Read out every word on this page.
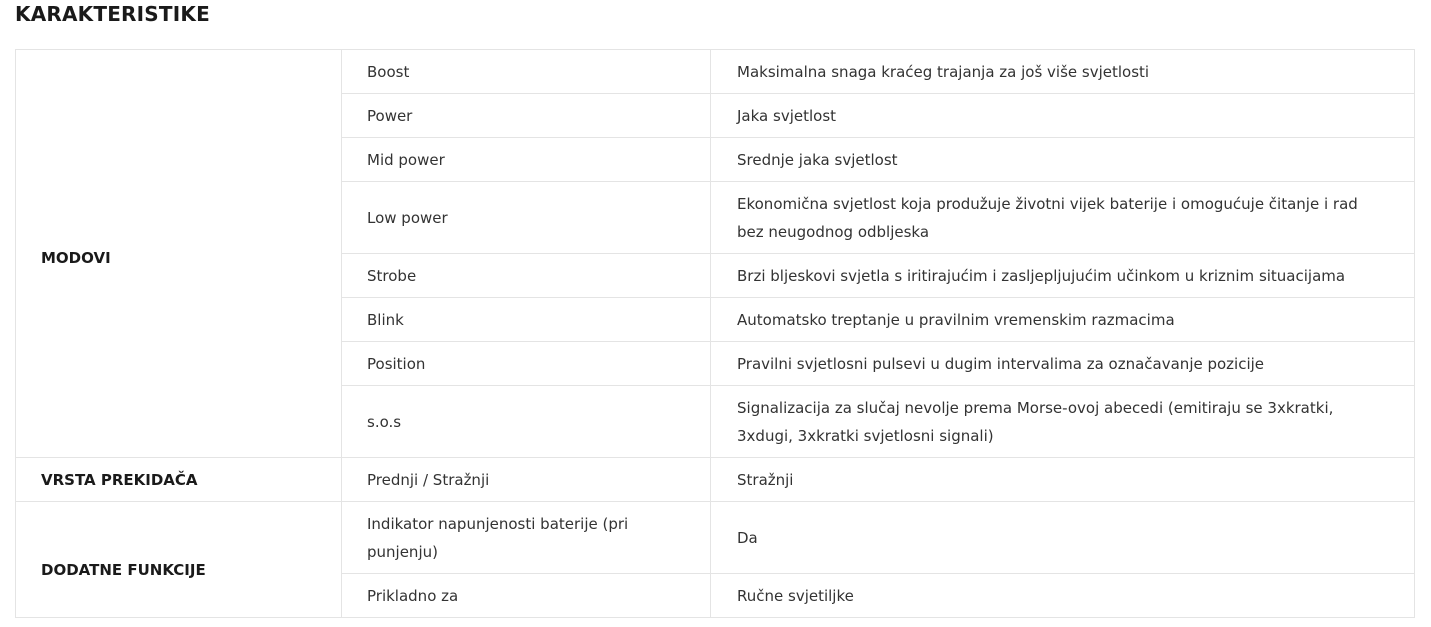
KARAKTERISTIKE
MODOVI	Boost	Maksimalna snaga kraćeg trajanja za još više svjetlosti

	Power	Jaka svjetlost

	Mid power	Srednje jaka svjetlost

	Low power	Ekonomična svjetlost koja produžuje životni vijek baterije i omogućuje čitanje i rad bez neugodnog odbljeska

	Strobe	Brzi bljeskovi svjetla s iritirajućim i zasljepljujućim učinkom u kriznim situacijama

	Blink	Automatsko treptanje u pravilnim vremenskim razmacima

	Position	Pravilni svjetlosni pulsevi u dugim intervalima za označavanje pozicije

	s.o.s	Signalizacija za slučaj nevolje prema Morse-ovoj abecedi (emitiraju se 3xkratki, 3xdugi, 3xkratki svjetlosni signali)

VRSTA PREKIDAČA	Prednji / Stražnji	Stražnji

DODATNE FUNKCIJE	Indikator napunjenosti baterije (pri punjenju)	Da

	Prikladno za	Ručne svjetiljke
